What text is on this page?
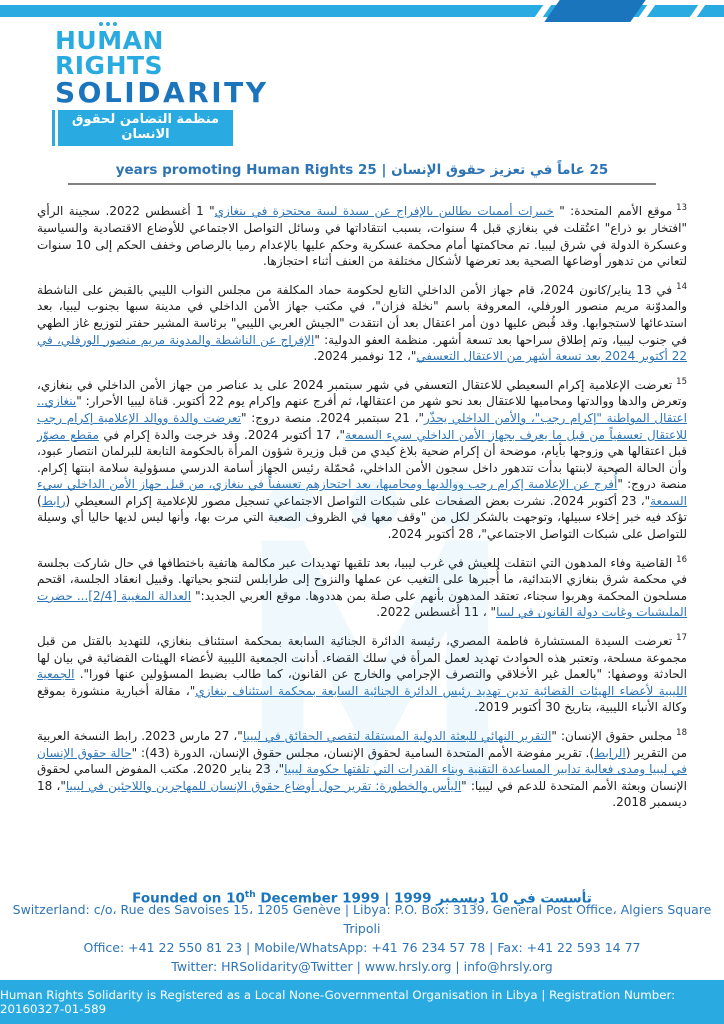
HUMAN RIGHTS
SOLIDARITY
منظمة التضامن لحقوق الانسان
25 عاماً في تعزيز حقوق الإنسان | 25 years promoting Human Rights

$^{13}$موقع الأمم المتحدة: " خبيرات أمميات يطالبن بالإفراج عن سيدة ليبية محتجزة في بنغازي" 1 أغسطس 2022. سجينة الرأي "افتخار بو ذراع" اعتُقلت في بنغازي قبل 4 سنوات، بسبب انتقاداتها في وسائل التواصل الاجتماعي للأوضاع الاقتصادية والسياسية وعسكرة الدولة في شرق ليبيا. تم محاكمتها أمام محكمة عسكرية وحكم عليها بالإعدام رميا بالرصاص وخفف الحكم إلى 10 سنوات لتعاني من تدهور أوضاعها الصحية بعد تعرضها لأشكال مختلفة من العنف أثناء احتجازها.

$^{14}$في 13 يناير/كانون 2024، قام جهاز الأمن الداخلي التابع لحكومة حماد المكلفة من مجلس النواب الليبي بالقبض على الناشطة والمدوّنة مريم منصور الورفلي، المعروفة باسم "نخلة فزان"، في مكتب جهاز الأمن الداخلي في مدينة سبها بجنوب ليبيا، بعد استدعائها لاستجوابها. وقد قُبض عليها دون أمر اعتقال بعد أن انتقدت "الجيش العربي الليبي" برئاسة المشير حفتر لتوزيع غاز الطهي في جنوب ليبيا، وتم إطلاق سراحها بعد تسعة أشهر. منظمة العفو الدولية: "الإفراج عن الناشطة والمدونة مريم منصور الورفلي، في 22 أكتوبر 2024 بعد تسعة أشهر من الاعتقال التعسفي"، 12 نوفمبر 2024.

$^{15}$تعرضت الإعلامية إكرام السعيطي للاعتقال التعسفي في شهر سبتمبر 2024 على يد عناصر من جهاز الأمن الداخلي في بنغازي، وتعرض والدها ووالدتها ومحاميها للاعتقال بعد نحو شهر من اعتقالها، ثم أفرج عنهم وإكرام يوم 22 أكتوبر. قناة ليبيا الأحرار: "بنغازي.. اعتقال المواطنة "إكرام رجب"، والأمن الداخلي يحذّر"، 21 سبتمبر 2024. منصة دروج: "تعرضت والدة ووالد الإعلامية إكرام رجب للاعتقال تعسفياً من قبل ما يعرف بجهاز الأمن الداخلي سيء السمعة"، 17 أكتوبر 2024. وقد خرجت والدة إكرام في مقطع مصوّر قبل اعتقالها هي وزوجها بأيام، موضحة أن إكرام ضحية بلاغ كيدي من قبل وزيرة شؤون المرأة بالحكومة التابعة للبرلمان انتصار عبود، وأن الحالة الصحية لابنتها بدأت تتدهور داخل سجون الأمن الداخلي، مُحمّلة رئيس الجهاز أسامة الدرسي مسؤولية سلامة ابنتها إكرام. منصة دروج: "أُفرج عن الإعلامية إكرام رجب ووالديها ومحاميها، بعد احتجازهم تعسفياً في بنغازي، من قبل جهاز الأمن الداخلي سيء السمعة"، 23 أكتوبر 2024. نشرت بعض الصفحات على شبكات التواصل الاجتماعي تسجيل مصور للإعلامية إكرام السعيطي (رابط) تؤكد فيه خبر إخلاء سبيلها، وتوجهت بالشكر لكل من "وقف معها في الظروف الصعبة التي مرت بها، وأنها ليس لديها حاليا أي وسيلة للتواصل على شبكات التواصل الاجتماعي"، 28 أكتوبر 2024.

$^{16}$القاضية وفاء المدهون التي انتقلت للعيش في غرب ليبيا، بعد تلقيها تهديدات عبر مكالمة هاتفية باختطافها في حال شاركت بجلسة في محكمة شرق بنغازي الابتدائية، ما أُجبرها على التغيب عن عملها والنزوح إلى طرابلس لتنجو بحياتها. وقبيل انعقاد الجلسة، اقتحم مسلحون المحكمة وهربوا سجناء، تعتقد المدهون بأنهم على صلة بمن هددوها. موقع العربي الجديد:" العدالة المغيبة [2/4]... حضرت المليشيات وغابت دولة القانون في ليبيا" ، 11 أغسطس 2022.

$^{17}$تعرضت السيدة المستشارة فاطمة المصري، رئيسة الدائرة الجنائية السابعة بمحكمة استئناف بنغازي، للتهديد بالقتل من قبل مجموعة مسلحة، وتعتبر هذه الحوادث تهديد لعمل المرأة في سلك القضاء. أدانت الجمعية الليبية لأعضاء الهيئات القضائية في بيان لها الحادثة ووصفها: "بالعمل غير الأخلاقي والتصرف الإجرامي والخارج عن القانون، كما طالب بضبط المسؤولين عنها فورا". الجمعية الليبية لأعضاء الهيئات القضائية تدين تهديد رئيس الدائرة الجنائية السابعة بمحكمة استئناف بنغازي"، مقالة أخبارية منشورة بموقع وكالة الأنباء الليبية، بتاريخ 30 أكتوبر 2019.

$^{18}$مجلس حقوق الإنسان: "التقرير النهائي للبعثة الدولية المستقلة لتقصي الحقائق في ليبيا"، 27 مارس 2023. رابط النسخة العربية من التقرير (الرابط). تقرير مفوضة الأمم المتحدة السامية لحقوق الإنسان، مجلس حقوق الإنسان، الدورة (43): "حالة حقوق الإنسان في ليبيا ومدى فعالية تدابير المساعدة التقنية وبناء القدرات التي تلقتها حكومة ليبيا"، 23 يناير 2020. مكتب المفوض السامي لحقوق الإنسان وبعثة الأمم المتحدة للدعم في ليبيا: "اليأس والخطورة: تقرير حول أوضاع حقوق الإنسان للمهاجرين واللاجئين في ليبيا"، 18 ديسمبر 2018.

Founded on 10th December 1999 | تأسست في 10 ديسمبر 1999
Switzerland: c/o، Rue des Savoises 15، 1205 Genève | Libya: P.O. Box: 3139، General Post Office، Algiers Square
Tripoli
Office: +41 22 550 81 23 | Mobile/WhatsApp: +41 76 234 57 78 | Fax: +41 22 593 14 77
Twitter: HRSolidarity@Twitter | www.hrsly.org | info@hrsly.org
Human Rights Solidarity is Registered as a Local None-Governmental Organisation in Libya | Registration Number: 20160327-01-589
